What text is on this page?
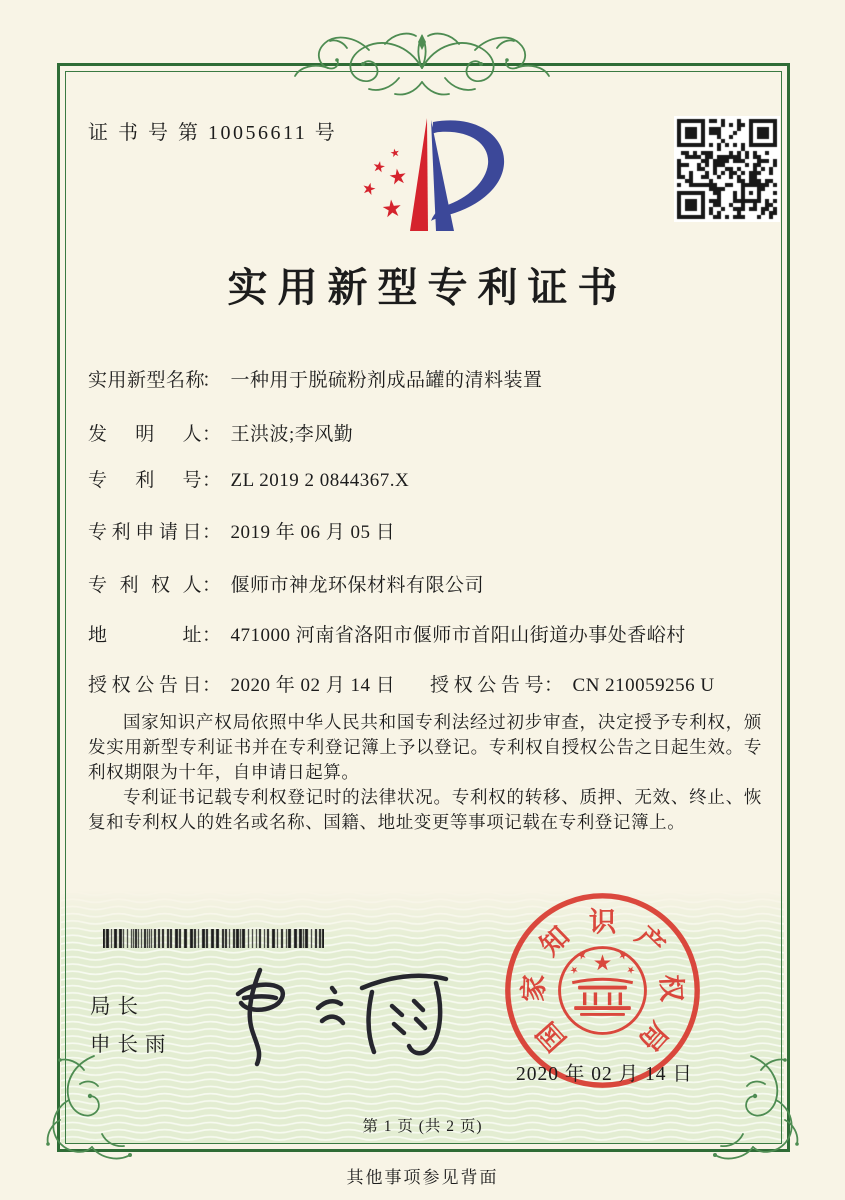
证 书 号 第 10056611 号
实用新型专利证书
实用新型名称： 一种用于脱硫粉剂成品罐的清料装置
发明人： 王洪波;李风勤
专利号： ZL 2019 2 0844367.X
专利申请日： 2019 年 06 月 05 日
专利权人： 偃师市神龙环保材料有限公司
地址： 471000 河南省洛阳市偃师市首阳山街道办事处香峪村
授权公告日： 2020 年 02 月 14 日 授权公告号： CN 210059256 U

国家知识产权局依照中华人民共和国专利法经过初步审查，决定授予专利权，颁发实用新型专利证书并在专利登记簿上予以登记。专利权自授权公告之日起生效。专利权期限为十年，自申请日起算。

专利证书记载专利权登记时的法律状况。专利权的转移、质押、无效、终止、恢复和专利权人的姓名或名称、国籍、地址变更等事项记载在专利登记簿上。

局长
申长雨	国
家
知 识 产
权
局
2020 年 02 月 14 日
第 1 页 (共 2 页)
其他事项参见背面
